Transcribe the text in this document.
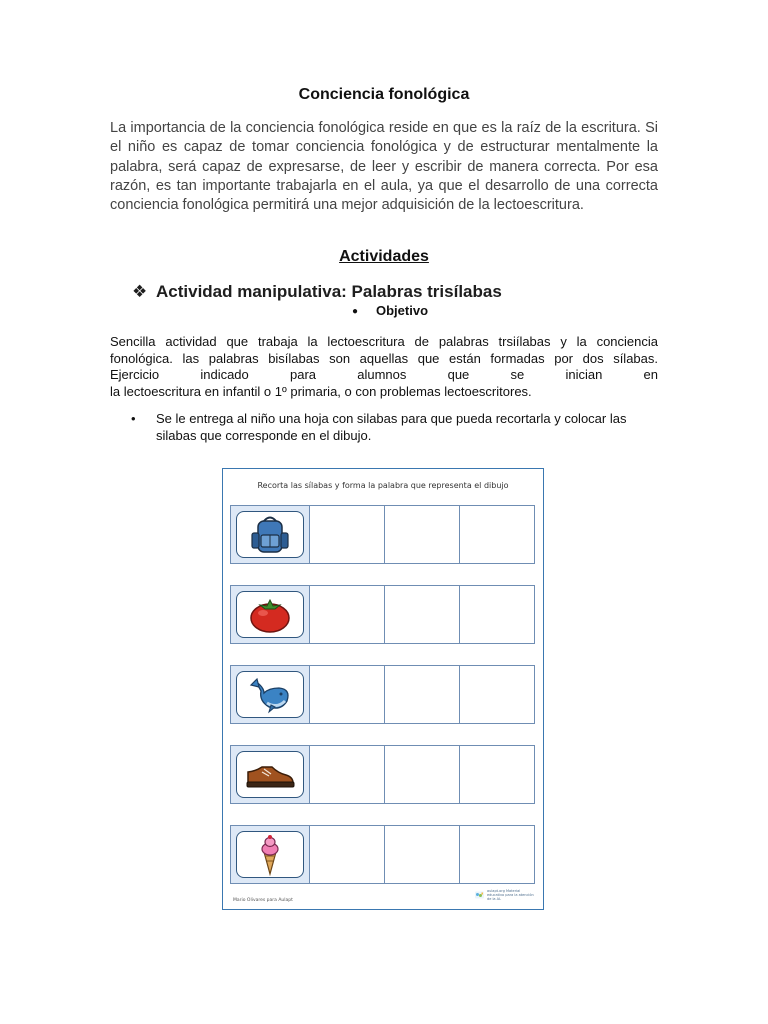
Conciencia fonológica

La importancia de la conciencia fonológica reside en que es la raíz de la escritura. Si el niño es capaz de tomar conciencia fonológica y de estructurar mentalmente la palabra, será capaz de expresarse, de leer y escribir de manera correcta. Por esa razón, es tan importante trabajarla en el aula, ya que el desarrollo de una correcta conciencia fonológica permitirá una mejor adquisición de la lectoescritura.

Actividades
❖ Actividad manipulativa: Palabras trisílabas
● Objetivo

Sencilla actividad que trabaja la lectoescritura de palabras trsiílabas y la conciencia
fonológica. las palabras bisílabas son aquellas que están formadas por dos sílabas.
Ejercicio indicado para alumnos que se inician en
la lectoescritura en infantil o 1º primaria, o con problemas lectoescritores.

• Se le entrega al niño una hoja con silabas para que pueda recortarla y colocar las silabas que corresponde en el dibujo.

Recorta las sílabas y forma la palabra que representa el dibujo
Mario Olivares para Aulapt
aulapt.org Material educativo para la atención de la AL
